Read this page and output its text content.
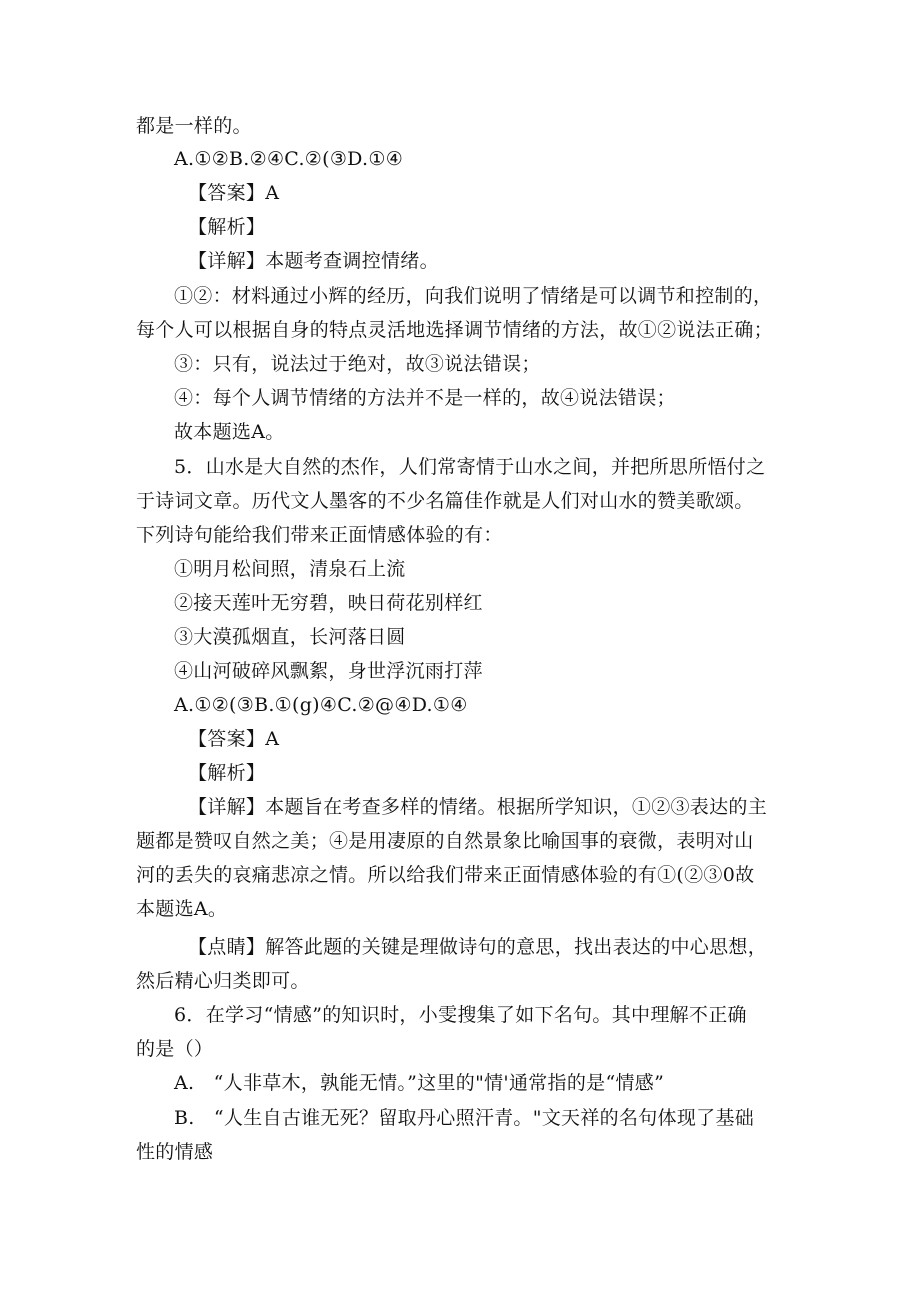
都是一样的。
A.①②B.②④C.②(③D.①④
【答案】A
【解析】
【详解】本题考查调控情绪。
①②：材料通过小辉的经历，向我们说明了情绪是可以调节和控制的，
每个人可以根据自身的特点灵活地选择调节情绪的方法，故①②说法正确；
③：只有，说法过于绝对，故③说法错误；
④：每个人调节情绪的方法并不是一样的，故④说法错误；
故本题选A。
5．山水是大自然的杰作，人们常寄情于山水之间，并把所思所悟付之
于诗词文章。历代文人墨客的不少名篇佳作就是人们对山水的赞美歌颂。
下列诗句能给我们带来正面情感体验的有：
①明月松间照，清泉石上流
②接天莲叶无穷碧，映日荷花别样红
③大漠孤烟直，长河落日圆
④山河破碎风飘絮，身世浮沉雨打萍
A.①②(③B.①(g)④C.②@④D.①④
【答案】A
【解析】
【详解】本题旨在考查多样的情绪。根据所学知识，①②③表达的主
题都是赞叹自然之美；④是用凄原的自然景象比喻国事的衰微，表明对山
河的丢失的哀痛悲凉之情。所以给我们带来正面情感体验的有①(②③0故
本题选A。
【点睛】解答此题的关键是理做诗句的意思，找出表达的中心思想，
然后精心归类即可。
6．在学习“情感”的知识时，小雯搜集了如下名句。其中理解不正确
的是（）
A.　“人非草木，孰能无情。”这里的"情'通常指的是“情感”
B.　“人生自古谁无死？留取丹心照汗青。"文天祥的名句体现了基础
性的情感
